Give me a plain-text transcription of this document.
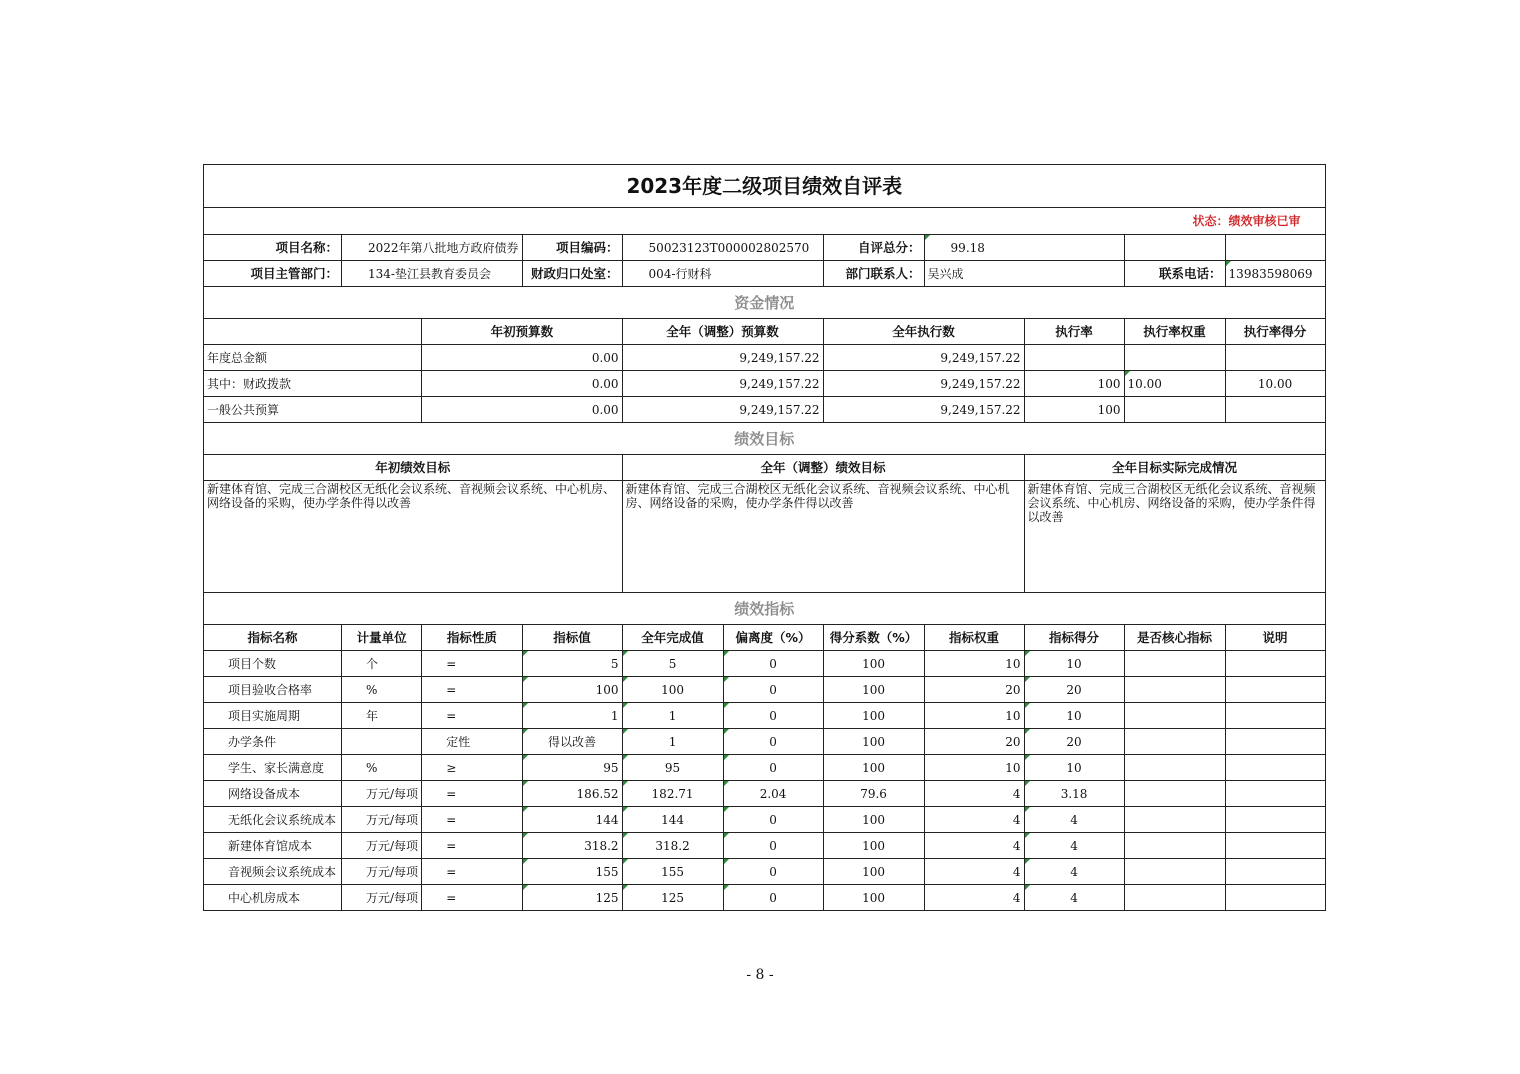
2023年度二级项目绩效自评表										
状态：绩效审核已审										
项目名称：	2022年第八批地方政府债券		项目编码：	50023123T000002802570		自评总分：	99.18			
项目主管部门：	134-垫江县教育委员会		财政归口处室：	004-行财科		部门联系人：	吴兴成		联系电话：	13983598069
资金情况										
		年初预算数		全年（调整）预算数		全年执行数		执行率	执行率权重	执行率得分
年度总金额		0.00		9,249,157.22		9,249,157.22				
其中：财政拨款		0.00		9,249,157.22		9,249,157.22		100	10.00	10.00
一般公共预算		0.00		9,249,157.22		9,249,157.22		100		
绩效目标										
年初绩效目标				全年（调整）绩效目标				全年目标实际完成情况		
新建体育馆、完成三合湖校区无纸化会议系统、音视频会议系统、中心机房、网络设备的采购，使办学条件得以改善				新建体育馆、完成三合湖校区无纸化会议系统、音视频会议系统、中心机房、网络设备的采购，使办学条件得以改善				新建体育馆、完成三合湖校区无纸化会议系统、音视频会议系统、中心机房、网络设备的采购，使办学条件得以改善		
绩效指标										
指标名称	计量单位	指标性质	指标值	全年完成值	偏离度（%）	得分系数（%）	指标权重	指标得分	是否核心指标	说明
项目个数	个	=	5	5	0	100	10	10		
项目验收合格率	%	=	100	100	0	100	20	20		
项目实施周期	年	=	1	1	0	100	10	10		
办学条件		定性	得以改善	1	0	100	20	20		
学生、家长满意度	%	≥	95	95	0	100	10	10		
网络设备成本	万元/每项	=	186.52	182.71	2.04	79.6	4	3.18		
无纸化会议系统成本	万元/每项	=	144	144	0	100	4	4		
新建体育馆成本	万元/每项	=	318.2	318.2	0	100	4	4		
音视频会议系统成本	万元/每项	=	155	155	0	100	4	4		
中心机房成本	万元/每项	=	125	125	0	100	4	4		
- 8 -
